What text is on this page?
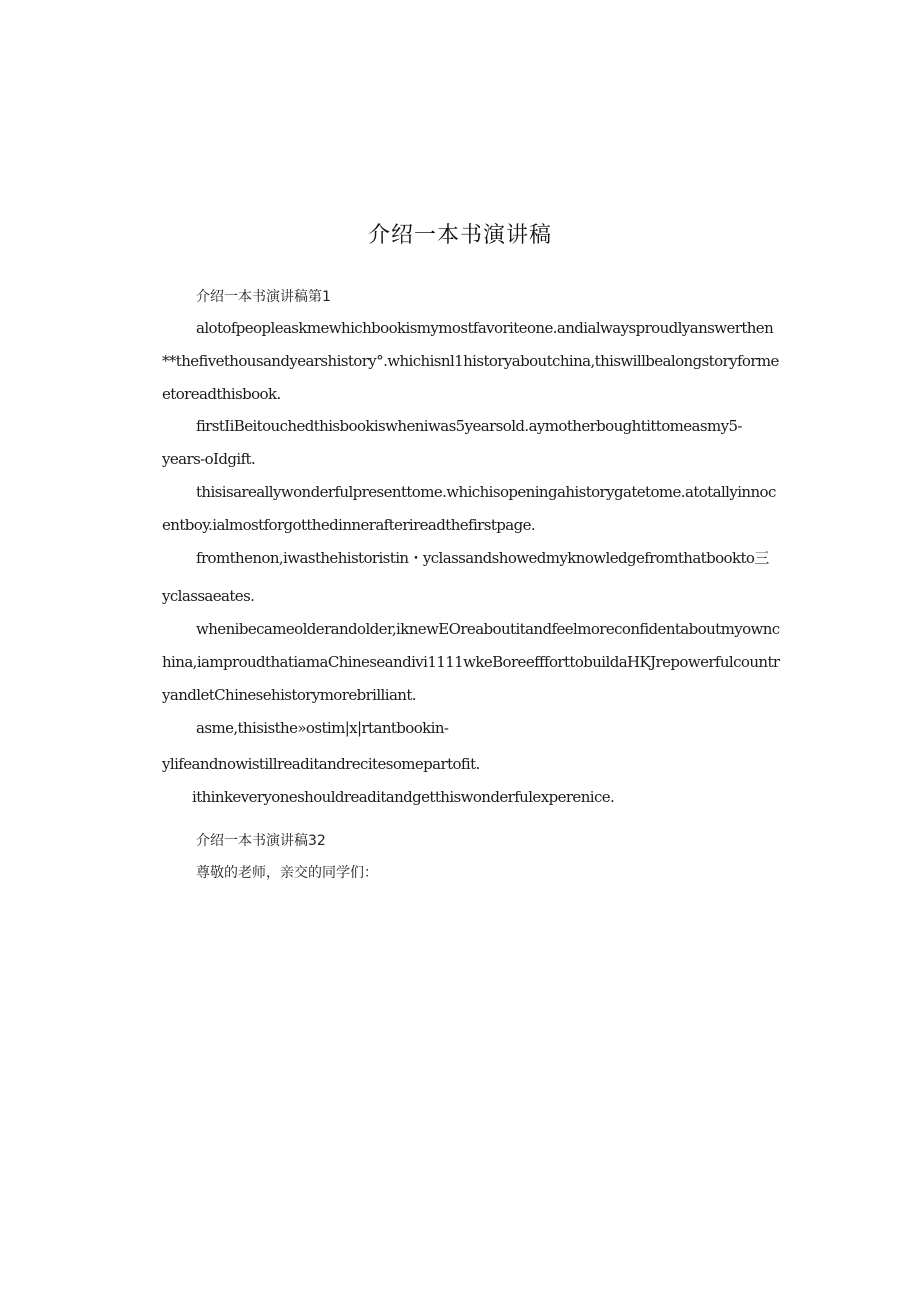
介绍一本书演讲稿
介绍一本书演讲稿第1
alotofpeopleaskmewhichbookismymostfavoriteone.andialwaysproudlyanswerthen
**thefivethousandyearshistory°.whichisnl1historyaboutchina,thiswillbealongstoryforme
etoreadthisbook.
firstIiBeitouchedthisbookiswheniwas5yearsold.aymotherboughtittomeasmy5-
years-oIdgift.
thisisareallywonderfulpresenttome.whichisopeningahistorygatetome.atotallyinnoc
entboy.ialmostforgotthedinnerafterireadthefirstpage.
fromthenon,iwasthehistoristin・yclassandshowedmyknowledgefromthatbookto三
yclassaeates.
whenibecameolderandolder,iknewEOreaboutitandfeelmoreconfidentaboutmyownc
hina,iamproudthatiamaChineseandivi1111wkeBoreeffforttobuildaHKJrepowerfulcountr
yandletChinesehistorymorebrilliant.
asme,thisisthe»ostim|x|rtantbookin-
ylifeandnowistillreaditandrecitesomepartofit.
ithinkeveryoneshouldreaditandgetthiswonderfulexperenice.
介绍一本书演讲稿32
尊敬的老师，亲交的同学们：
